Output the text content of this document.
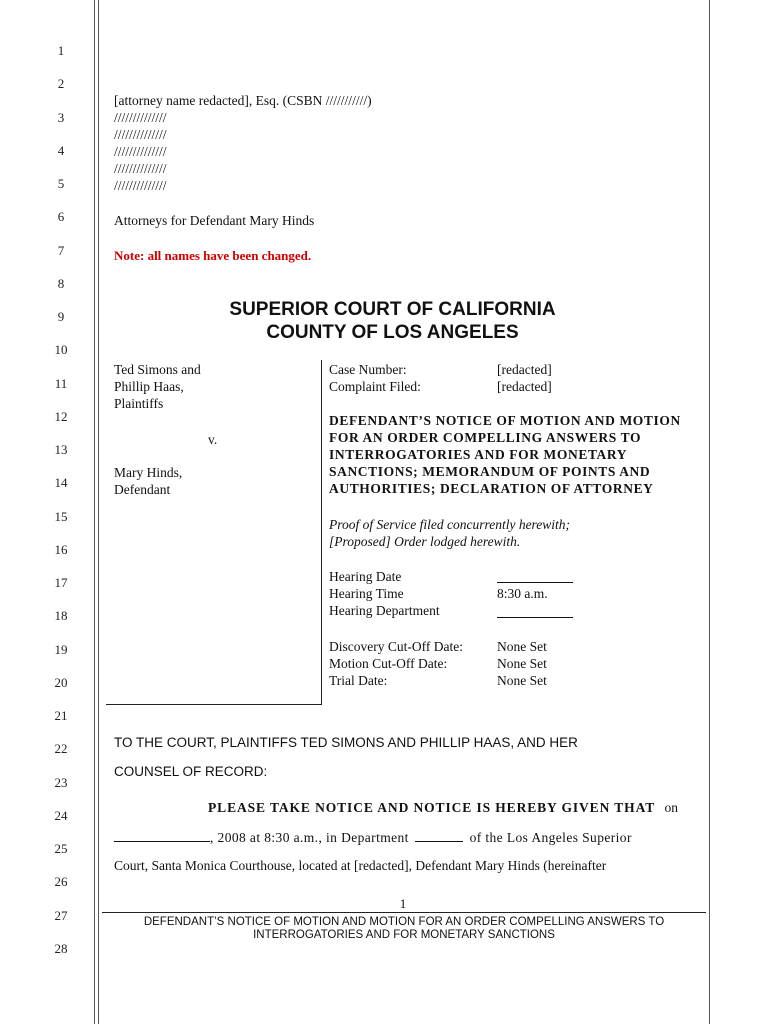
1
2
3
4
5
6
7
8
9
10
11
12
13
14
15
16
17
18
19
20
21
22
23
24
25
26
27
28
[attorney name redacted], Esq. (CSBN ///////////)
//////////////
//////////////
//////////////
//////////////
//////////////
Attorneys for Defendant Mary Hinds
Note: all names have been changed.
SUPERIOR COURT OF CALIFORNIA
COUNTY OF LOS ANGELES
Ted Simons and
Phillip Haas,
Plaintiffs
v.
Mary Hinds,
Defendant
Case Number:	[redacted]
Complaint Filed:	[redacted]
DEFENDANT’S NOTICE OF MOTION AND MOTION
FOR AN ORDER COMPELLING ANSWERS TO
INTERROGATORIES AND FOR MONETARY
SANCTIONS; MEMORANDUM OF POINTS AND
AUTHORITIES; DECLARATION OF ATTORNEY
Proof of Service filed concurrently herewith;
[Proposed] Order lodged herewith.
Hearing Date
Hearing Time	8:30 a.m.
Hearing Department
Discovery Cut-Off Date:	None Set
Motion Cut-Off Date:	None Set
Trial Date:	None Set
TO THE COURT, PLAINTIFFS TED SIMONS AND PHILLIP HAAS, AND HER
COUNSEL OF RECORD:
PLEASE TAKE NOTICE AND NOTICE IS HEREBY GIVEN THAT on
, 2008 at 8:30 a.m., in Department	of the Los Angeles Superior
Court, Santa Monica Courthouse, located at [redacted], Defendant Mary Hinds (hereinafter
1
DEFENDANT’S NOTICE OF MOTION AND MOTION FOR AN ORDER COMPELLING ANSWERS TO
INTERROGATORIES AND FOR MONETARY SANCTIONS
